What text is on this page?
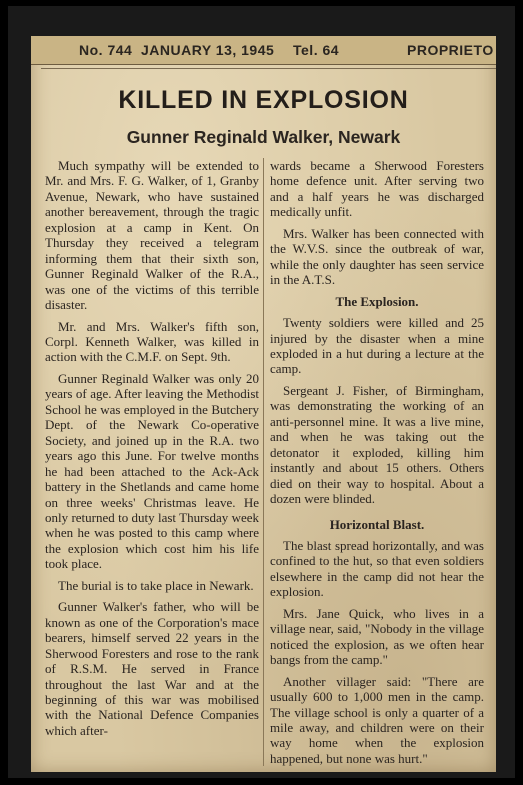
No. 744 JANUARY 13, 1945 Tel. 64	PROPRIETO
KILLED IN EXPLOSION
Gunner Reginald Walker, Newark

Much sympathy will be extended to Mr. and Mrs. F. G. Walker, of 1, Granby Avenue, Newark, who have sustained another bereavement, through the tragic explosion at a camp in Kent. On Thursday they received a telegram informing them that their sixth son, Gunner Reginald Walker of the R.A., was one of the victims of this terrible disaster.

Mr. and Mrs. Walker's fifth son, Corpl. Kenneth Walker, was killed in action with the C.M.F. on Sept. 9th.

Gunner Reginald Walker was only 20 years of age. After leaving the Methodist School he was employed in the Butchery Dept. of the Newark Co-operative Society, and joined up in the R.A. two years ago this June. For twelve months he had been attached to the Ack-Ack battery in the Shetlands and came home on three weeks' Christmas leave. He only returned to duty last Thursday week when he was posted to this camp where the explosion which cost him his life took place.

The burial is to take place in Newark.

Gunner Walker's father, who will be known as one of the Corporation's mace bearers, himself served 22 years in the Sherwood Foresters and rose to the rank of R.S.M. He served in France throughout the last War and at the beginning of this war was mobilised with the National Defence Companies which after-

wards became a Sherwood Foresters home defence unit. After serving two and a half years he was discharged medically unfit.

Mrs. Walker has been connected with the W.V.S. since the outbreak of war, while the only daughter has seen service in the A.T.S.

The Explosion.

Twenty soldiers were killed and 25 injured by the disaster when a mine exploded in a hut during a lecture at the camp.

Sergeant J. Fisher, of Birmingham, was demonstrating the working of an anti-personnel mine. It was a live mine, and when he was taking out the detonator it exploded, killing him instantly and about 15 others. Others died on their way to hospital. About a dozen were blinded.

Horizontal Blast.

The blast spread horizontally, and was confined to the hut, so that even soldiers elsewhere in the camp did not hear the explosion.

Mrs. Jane Quick, who lives in a village near, said, "Nobody in the village noticed the explosion, as we often hear bangs from the camp."

Another villager said: "There are usually 600 to 1,000 men in the camp. The village school is only a quarter of a mile away, and children were on their way home when the explosion happened, but none was hurt."
